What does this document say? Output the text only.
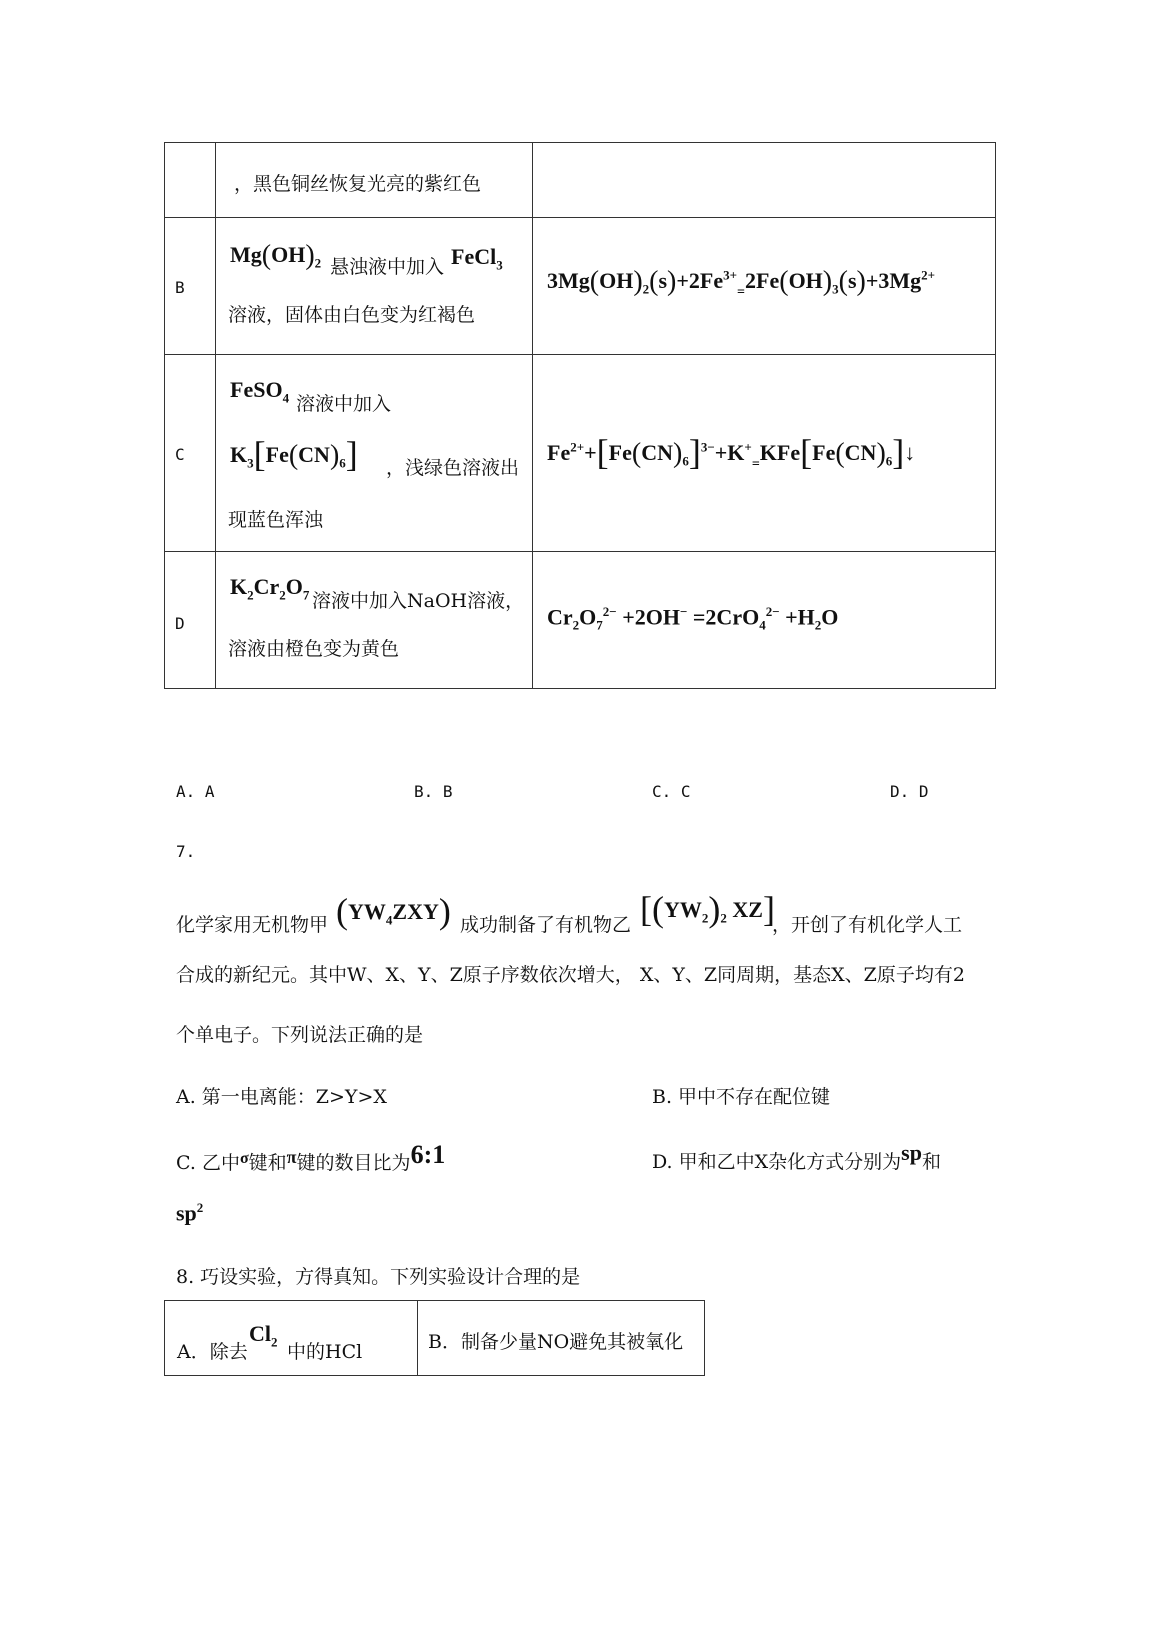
	，黑色铜丝恢复光亮的紫红色	

B	$Mg(OH)_2$ 悬浊液中加入 FeCl$_3$
溶液，固体由白色变为红褐色	$3Mg(OH)_2(s)+2Fe^{3+}_=2Fe(OH)_3(s)+3Mg^{2+}$

C	FeSO$_4$ 溶液中加入
$K_3[Fe(CN)_6]$ ，浅绿色溶液出
现蓝色浑浊	$Fe^{2+}+[Fe(CN)_6]^{3-}+K^+_=KFe[Fe(CN)_6]↓$

D	$K_2Cr_2O_7$ 溶液中加入NaOH溶液，
溶液由橙色变为黄色	$Cr_2O_7^{2-} +2OH^- =2CrO_4^{2-} +H_2O$
A. A	B. B	C. C	D. D
7.
化学家用无机物甲 $(YW_4ZXY)$ 成功制备了有机物乙 [$(YW_2)_2$ XZ]
，开创了有机化学人工
合成的新纪元。其中W、X、Y、Z原子序数依次增大， X、Y、Z同周期，基态X、Z原子均有2
个单电子。下列说法正确的是
A. 第一电离能：Z>Y>X	B. 甲中不存在配位键
C. 乙中σ键和π键的数目比为6:1	D. 甲和乙中X杂化方式分别为sp和
$sp^2$
8. 巧设实验，方得真知。下列实验设计合理的是
A．除去
$Cl_2$ 中的HCl	B．制备少量NO避免其被氧化
